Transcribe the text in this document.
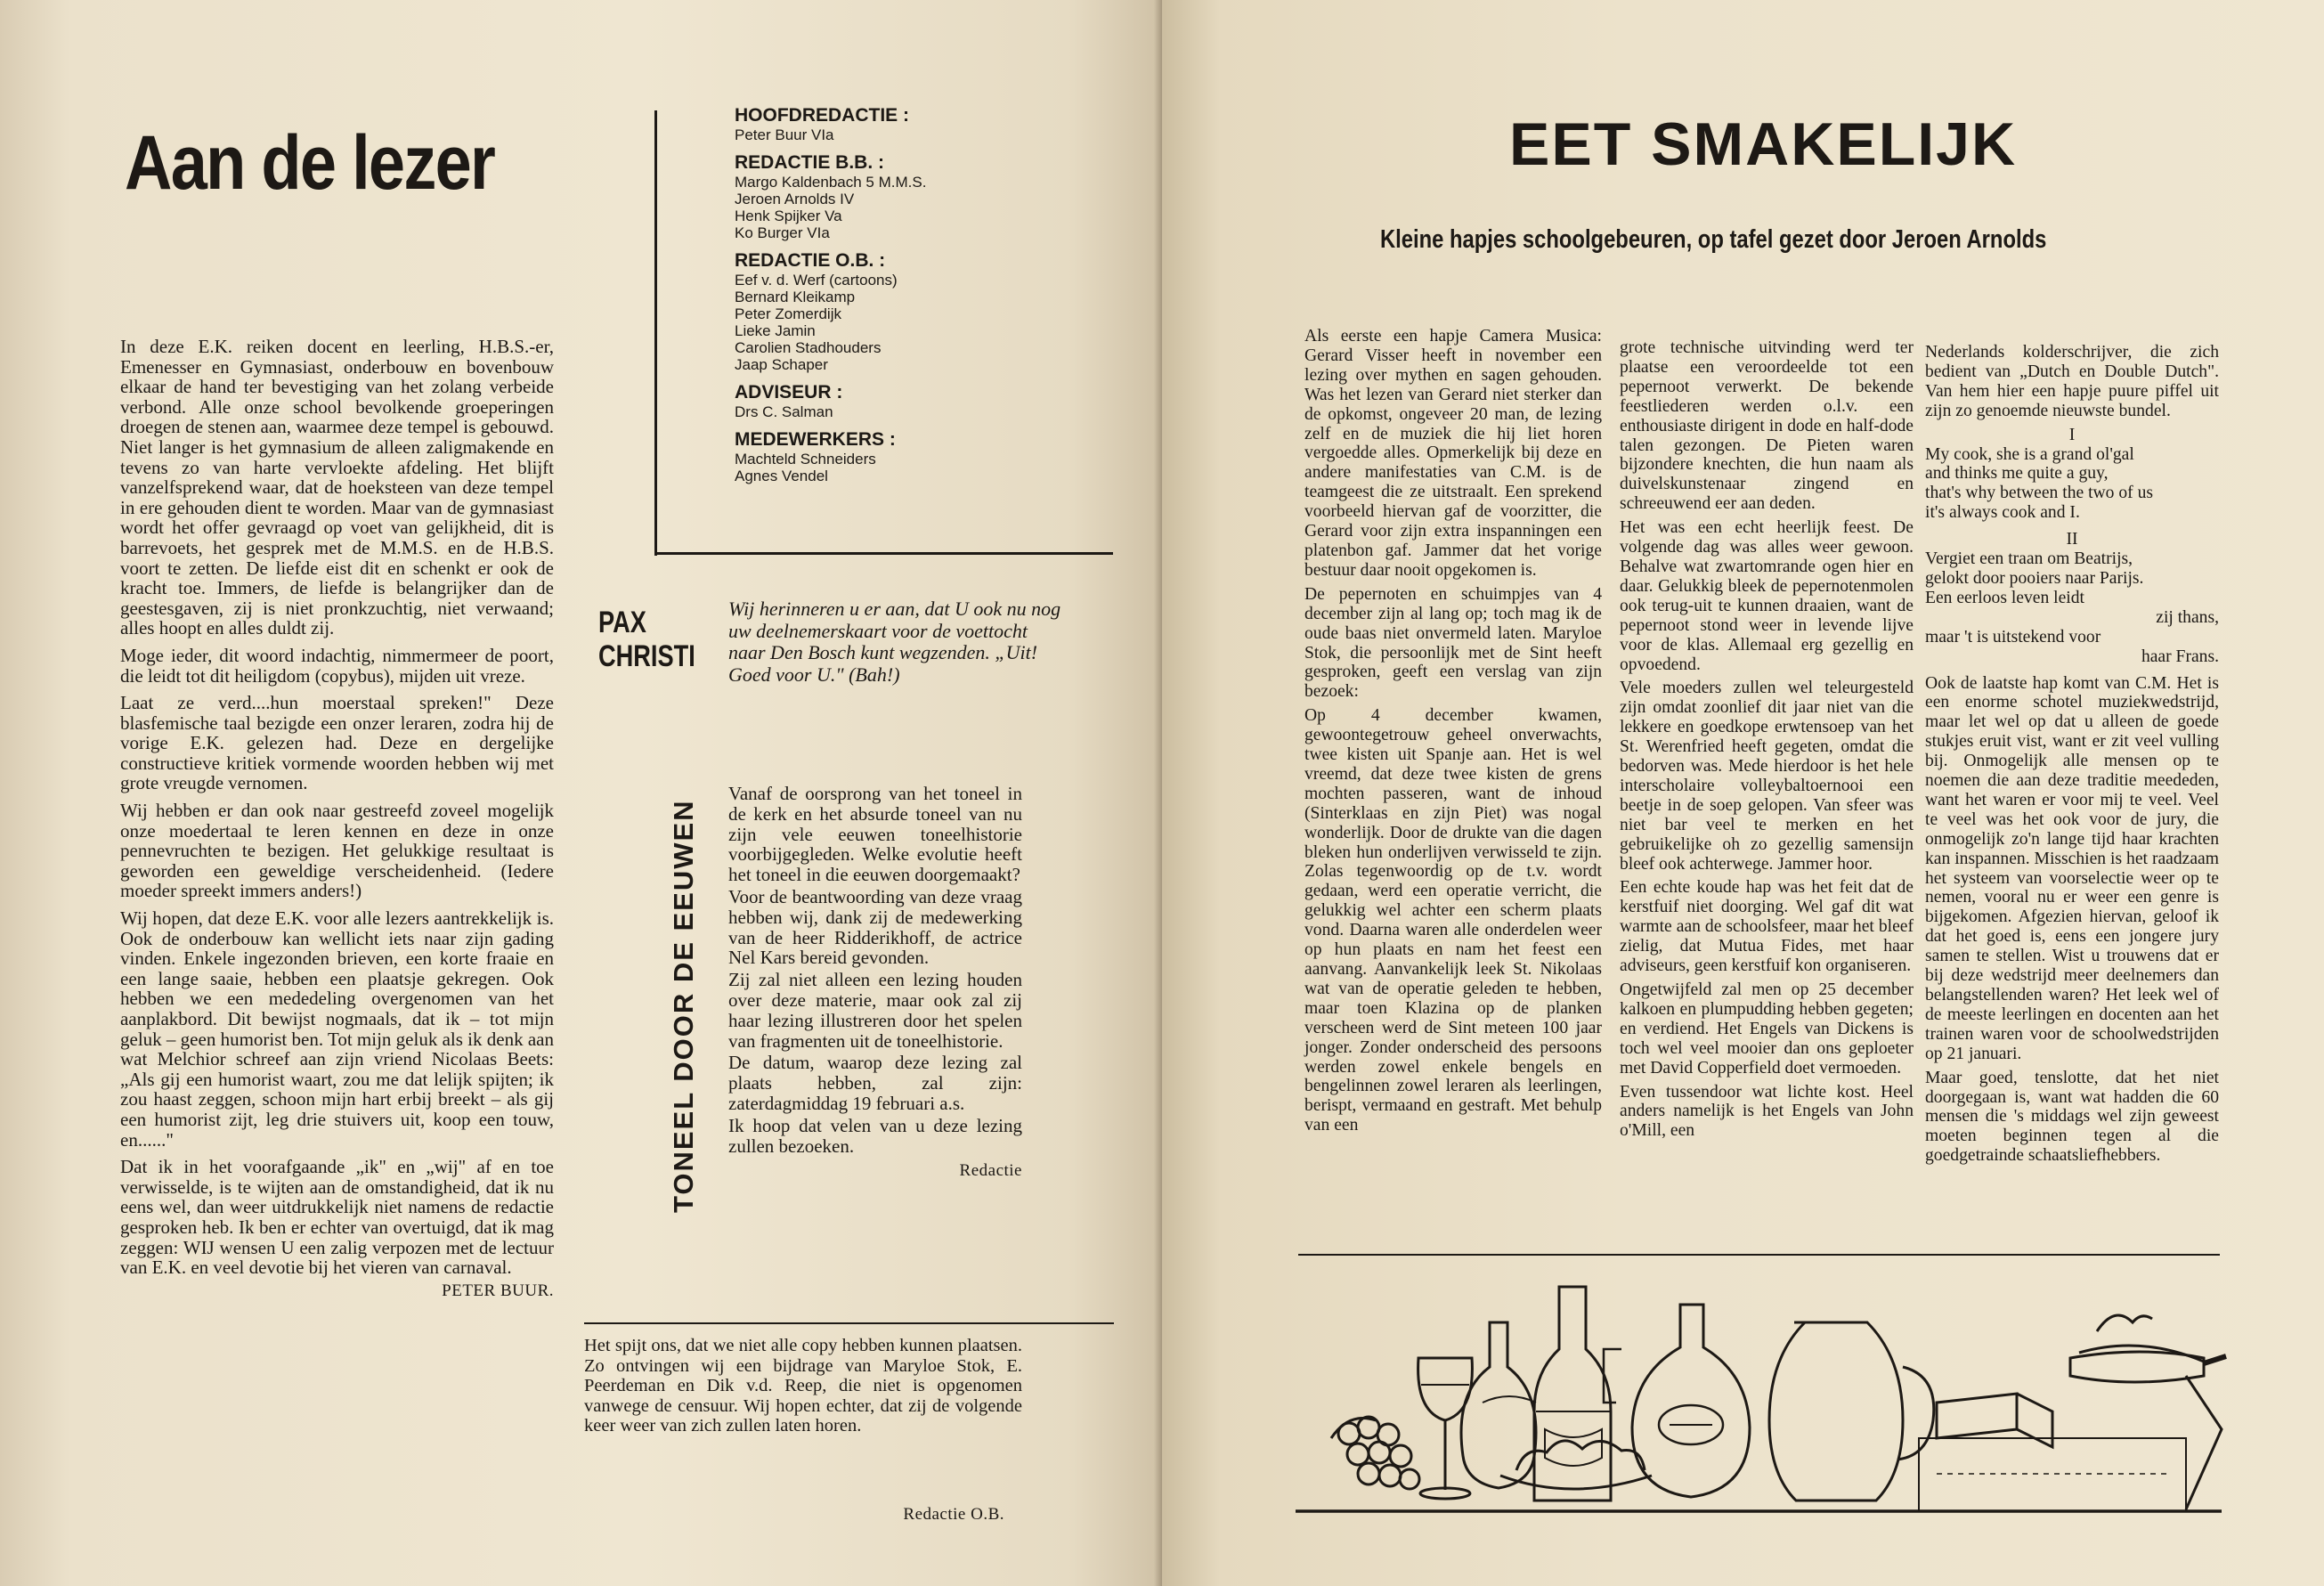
Aan de lezer

In deze E.K. reiken docent en leerling, H.B.S.-er, Emenesser en Gymnasiast, onderbouw en bovenbouw elkaar de hand ter bevestiging van het zolang verbeide verbond. Alle onze school bevolkende groeperingen droegen de stenen aan, waarmee deze tempel is gebouwd. Niet langer is het gymnasium de alleen zaligmakende en tevens zo van harte vervloekte afdeling. Het blijft vanzelfsprekend waar, dat de hoeksteen van deze tempel in ere gehouden dient te worden. Maar van de gymnasiast wordt het offer gevraagd op voet van gelijkheid, dit is barrevoets, het gesprek met de M.M.S. en de H.B.S. voort te zetten. De liefde eist dit en schenkt er ook de kracht toe. Immers, de liefde is belangrijker dan de geestesgaven, zij is niet pronkzuchtig, niet verwaand; alles hoopt en alles duldt zij.

Moge ieder, dit woord indachtig, nimmermeer de poort, die leidt tot dit heiligdom (copybus), mijden uit vreze.

Laat ze verd....hun moerstaal spreken!" Deze blasfemische taal bezigde een onzer leraren, zodra hij de vorige E.K. gelezen had. Deze en dergelijke constructieve kritiek vormende woorden hebben wij met grote vreugde vernomen.

Wij hebben er dan ook naar gestreefd zoveel mogelijk onze moedertaal te leren kennen en deze in onze pennevruchten te bezigen. Het gelukkige resultaat is geworden een geweldige verscheidenheid. (Iedere moeder spreekt immers anders!)

Wij hopen, dat deze E.K. voor alle lezers aantrekkelijk is. Ook de onderbouw kan wellicht iets naar zijn gading vinden. Enkele ingezonden brieven, een korte fraaie en een lange saaie, hebben een plaatsje gekregen. Ook hebben we een mededeling overgenomen van het aanplakbord. Dit bewijst nogmaals, dat ik – tot mijn geluk – geen humorist ben. Tot mijn geluk als ik denk aan wat Melchior schreef aan zijn vriend Nicolaas Beets: „Als gij een humorist waart, zou me dat lelijk spijten; ik zou haast zeggen, schoon mijn hart erbij breekt – als gij een humorist zijt, leg drie stuivers uit, koop een touw, en......"

Dat ik in het voorafgaande „ik" en „wij" af en toe verwisselde, is te wijten aan de omstandigheid, dat ik nu eens wel, dan weer uitdrukkelijk niet namens de redactie gesproken heb. Ik ben er echter van overtuigd, dat ik mag zeggen: WIJ wensen U een zalig verpozen met de lectuur van E.K. en veel devotie bij het vieren van carnaval.

PETER BUUR.
HOOFDREDACTIE :
Peter Buur VIa
REDACTIE B.B. :
Margo Kaldenbach 5 M.M.S.
Jeroen Arnolds IV
Henk Spijker Va
Ko Burger VIa
REDACTIE O.B. :
Eef v. d. Werf (cartoons)
Bernard Kleikamp
Peter Zomerdijk
Lieke Jamin
Carolien Stadhouders
Jaap Schaper
ADVISEUR :
Drs C. Salman
MEDEWERKERS :
Machteld Schneiders
Agnes Vendel
PAX
CHRISTI
Wij herinneren u er aan, dat U ook nu nog uw deelnemerskaart voor de voettocht naar Den Bosch kunt wegzenden. „Uit! Goed voor U." (Bah!)
TONEEL DOOR DE EEUWEN

Vanaf de oorsprong van het toneel in de kerk en het absurde toneel van nu zijn vele eeuwen toneelhistorie voorbijgegleden. Welke evolutie heeft het toneel in die eeuwen doorgemaakt?

Voor de beantwoording van deze vraag hebben wij, dank zij de medewerking van de heer Ridderikhoff, de actrice Nel Kars bereid gevonden.

Zij zal niet alleen een lezing houden over deze materie, maar ook zal zij haar lezing illustreren door het spelen van fragmenten uit de toneelhistorie.

De datum, waarop deze lezing zal plaats hebben, zal zijn: zaterdagmiddag 19 februari a.s.

Ik hoop dat velen van u deze lezing zullen bezoeken.

Redactie
Het spijt ons, dat we niet alle copy hebben kunnen plaatsen. Zo ontvingen wij een bijdrage van Maryloe Stok, E. Peerdeman en Dik v.d. Reep, die niet is opgenomen vanwege de censuur. Wij hopen echter, dat zij de volgende keer weer van zich zullen laten horen.
Redactie O.B.
EET SMAKELIJK
Kleine hapjes schoolgebeuren, op tafel gezet door Jeroen Arnolds

Als eerste een hapje Camera Musica: Gerard Visser heeft in november een lezing over mythen en sagen gehouden. Was het lezen van Gerard niet sterker dan de opkomst, ongeveer 20 man, de lezing zelf en de muziek die hij liet horen vergoedde alles. Opmerkelijk bij deze en andere manifestaties van C.M. is de teamgeest die ze uitstraalt. Een sprekend voorbeeld hiervan gaf de voorzitter, die Gerard voor zijn extra inspanningen een platenbon gaf. Jammer dat het vorige bestuur daar nooit opgekomen is.

De pepernoten en schuimpjes van 4 december zijn al lang op; toch mag ik de oude baas niet onvermeld laten. Maryloe Stok, die persoonlijk met de Sint heeft gesproken, geeft een verslag van zijn bezoek:

Op 4 december kwamen, gewoontegetrouw geheel onverwachts, twee kisten uit Spanje aan. Het is wel vreemd, dat deze twee kisten de grens mochten passeren, want de inhoud (Sinterklaas en zijn Piet) was nogal wonderlijk. Door de drukte van die dagen bleken hun onderlijven verwisseld te zijn. Zolas tegenwoordig op de t.v. wordt gedaan, werd een operatie verricht, die gelukkig wel achter een scherm plaats vond. Daarna waren alle onderdelen weer op hun plaats en nam het feest een aanvang. Aanvankelijk leek St. Nikolaas wat van de operatie geleden te hebben, maar toen Klazina op de planken verscheen werd de Sint meteen 100 jaar jonger. Zonder onderscheid des persoons werden zowel enkele bengels en bengelinnen zowel leraren als leerlingen, berispt, vermaand en gestraft. Met behulp van een

grote technische uitvinding werd ter plaatse een veroordeelde tot een pepernoot verwerkt. De bekende feestliederen werden o.l.v. een enthousiaste dirigent in dode en half-dode talen gezongen. De Pieten waren bijzondere knechten, die hun naam als duivelskunstenaar zingend en schreeuwend eer aan deden.

Het was een echt heerlijk feest. De volgende dag was alles weer gewoon. Behalve wat zwartomrande ogen hier en daar. Gelukkig bleek de pepernotenmolen ook terug-uit te kunnen draaien, want de pepernoot stond weer in levende lijve voor de klas. Allemaal erg gezellig en opvoedend.

Vele moeders zullen wel teleurgesteld zijn omdat zoonlief dit jaar niet van die lekkere en goedkope erwtensoep van het St. Werenfried heeft gegeten, omdat die bedorven was. Mede hierdoor is het hele interscholaire volleybaltoernooi een beetje in de soep gelopen. Van sfeer was niet bar veel te merken en het gebruikelijke oh zo gezellig samensijn bleef ook achterwege. Jammer hoor.

Een echte koude hap was het feit dat de kerstfuif niet doorging. Wel gaf dit wat warmte aan de schoolsfeer, maar het bleef zielig, dat Mutua Fides, met haar adviseurs, geen kerstfuif kon organiseren.

Ongetwijfeld zal men op 25 december kalkoen en plumpudding hebben gegeten; en verdiend. Het Engels van Dickens is toch wel veel mooier dan ons geploeter met David Copperfield doet vermoeden.

Even tussendoor wat lichte kost. Heel anders namelijk is het Engels van John o'Mill, een

Nederlands kolderschrijver, die zich bedient van „Dutch en Double Dutch". Van hem hier een hapje puure piffel uit zijn zo genoemde nieuwste bundel.

I
My cook, she is a grand ol'gal
and thinks me quite a guy,
that's why between the two of us
it's always cook and I.
II
Vergiet een traan om Beatrijs,
gelokt door pooiers naar Parijs.
Een eerloos leven leidt
zij thans,
maar 't is uitstekend voor
haar Frans.

Ook de laatste hap komt van C.M. Het is een enorme schotel muziekwedstrijd, maar let wel op dat u alleen de goede stukjes eruit vist, want er zit veel vulling bij. Onmogelijk alle mensen op te noemen die aan deze traditie meededen, want het waren er voor mij te veel. Veel te veel was het ook voor de jury, die onmogelijk zo'n lange tijd haar krachten kan inspannen. Misschien is het raadzaam het systeem van voorselectie weer op te nemen, vooral nu er weer een genre is bijgekomen. Afgezien hiervan, geloof ik dat het goed is, eens een jongere jury samen te stellen. Wist u trouwens dat er bij deze wedstrijd meer deelnemers dan belangstellenden waren? Het leek wel of de meeste leerlingen en docenten aan het trainen waren voor de schoolwedstrijden op 21 januari.

Maar goed, tenslotte, dat het niet doorgegaan is, want wat hadden die 60 mensen die 's middags wel zijn geweest moeten beginnen tegen al die goedgetrainde schaatsliefhebbers.
